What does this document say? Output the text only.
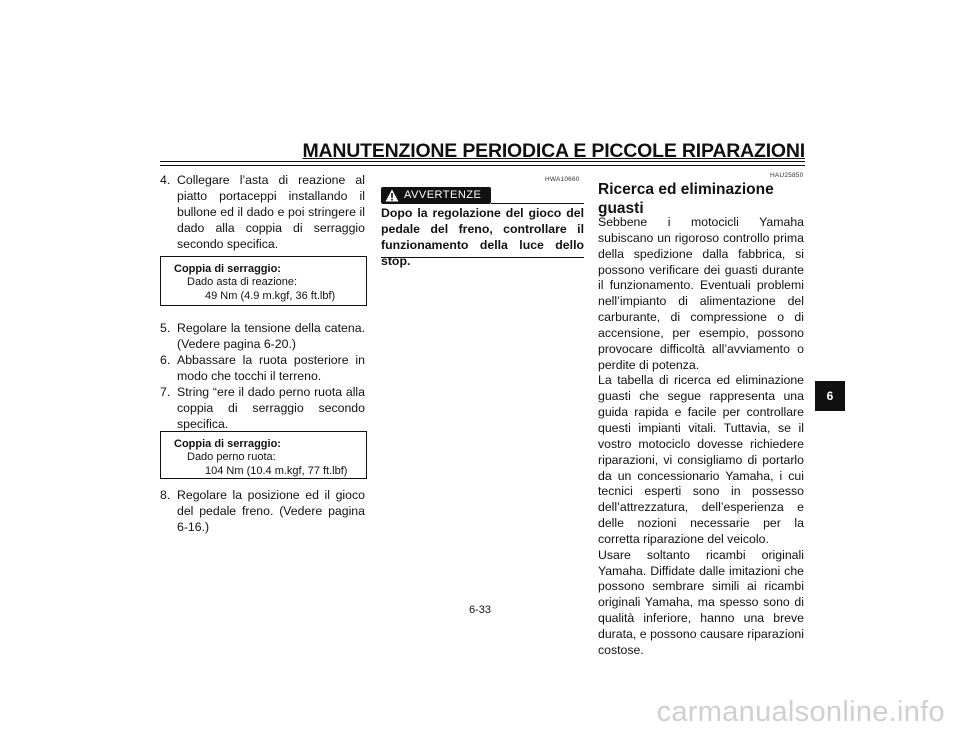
MANUTENZIONE PERIODICA E PICCOLE RIPARAZIONI
4. Collegare l’asta di reazione al piatto portaceppi installando il bullone ed il dado e poi stringere il dado alla coppia di serraggio secondo specifica.
Coppia di serraggio:
Dado asta di reazione:
49 Nm (4.9 m.kgf, 36 ft.lbf)
5. Regolare la tensione della catena. (Vedere pagina 6-20.)
6. Abbassare la ruota posteriore in modo che tocchi il terreno.
7. String “ere il dado perno ruota alla coppia di serraggio secondo specifica.
Coppia di serraggio:
Dado perno ruota:
104 Nm (10.4 m.kgf, 77 ft.lbf)
8. Regolare la posizione ed il gioco del pedale freno. (Vedere pagina 6-16.)
HWA10660
AVVERTENZE
Dopo la regolazione del gioco del pedale del freno, controllare il funzionamento della luce dello stop.
HAU25850
Ricerca ed eliminazione guasti

Sebbene i motocicli Yamaha subiscano un rigoroso controllo prima della spedizione dalla fabbrica, si possono verificare dei guasti durante il funzionamento. Eventuali problemi nell’impianto di alimentazione del carburante, di compressione o di accensione, per esempio, possono provocare difficoltà all’avviamento o perdite di potenza.

La tabella di ricerca ed eliminazione guasti che segue rappresenta una guida rapida e facile per controllare questi impianti vitali. Tuttavia, se il vostro motociclo dovesse richiedere riparazioni, vi consigliamo di portarlo da un concessionario Yamaha, i cui tecnici esperti sono in possesso dell’attrezzatura, dell’esperienza e delle nozioni necessarie per la corretta riparazione del veicolo.

Usare soltanto ricambi originali Yamaha. Diffidate dalle imitazioni che possono sembrare simili ai ricambi originali Yamaha, ma spesso sono di qualità inferiore, hanno una breve durata, e possono causare riparazioni costose.

6-33
6
carmanualsonline.info
